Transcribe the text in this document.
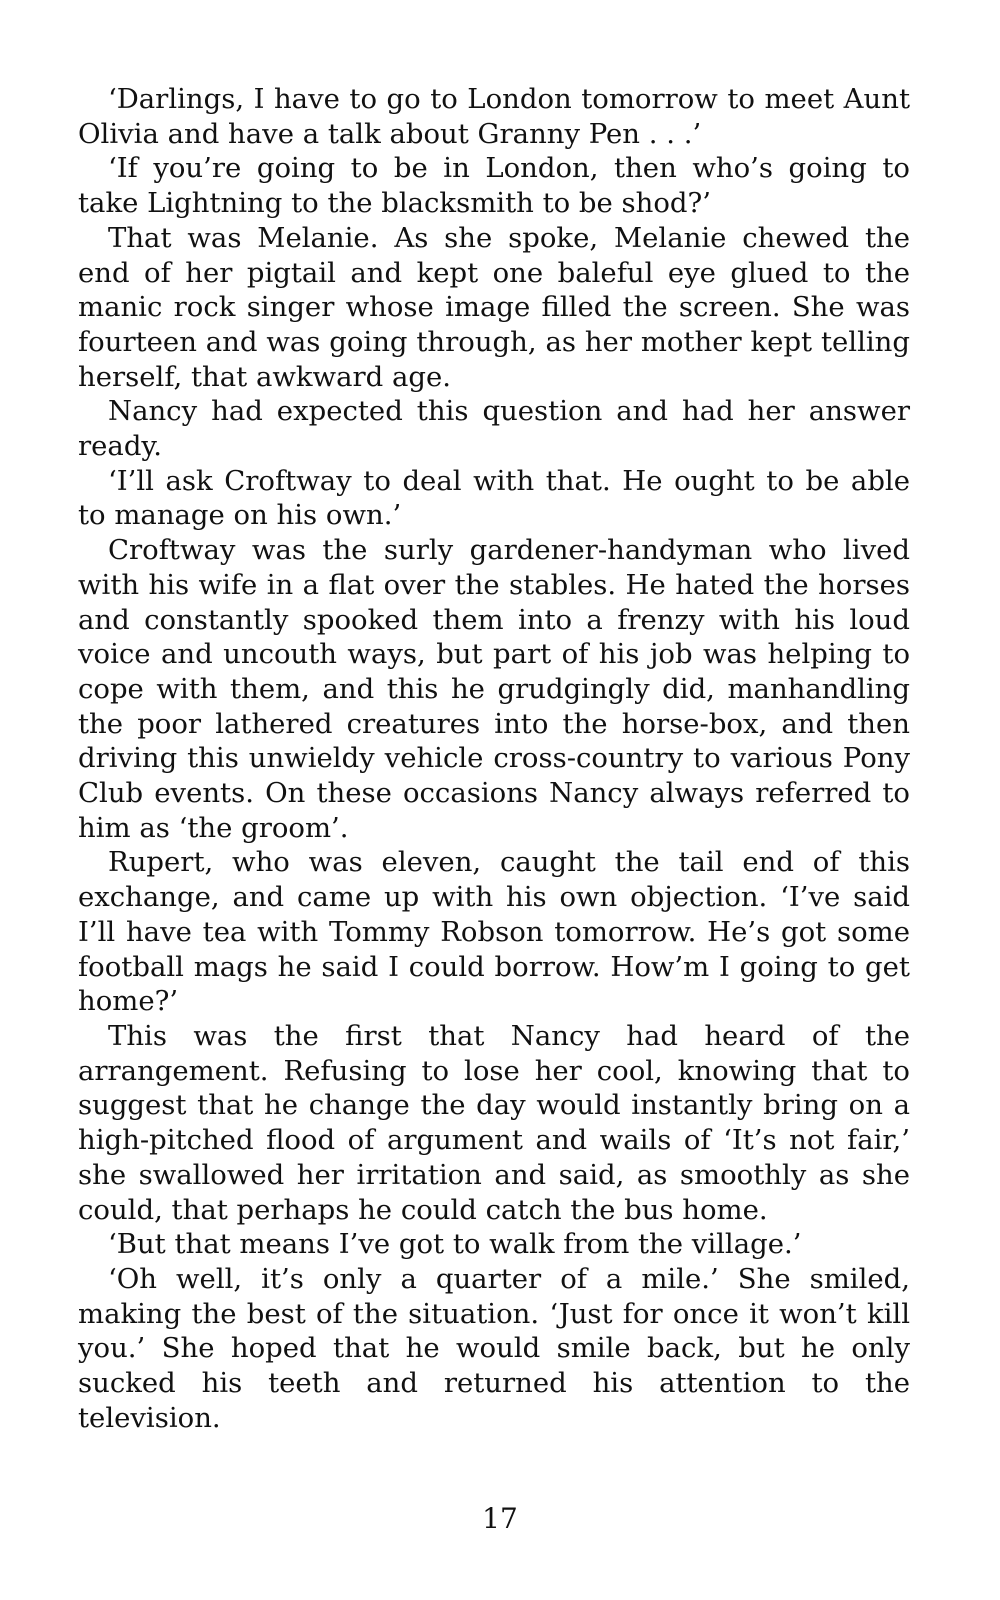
‘Darlings, I have to go to London tomorrow to meet Aunt Olivia and have a talk about Granny Pen . . .’

‘If you’re going to be in London, then who’s going to take Lightning to the blacksmith to be shod?’

That was Melanie. As she spoke, Melanie chewed the end of her pigtail and kept one baleful eye glued to the manic rock singer whose image filled the screen. She was fourteen and was going through, as her mother kept telling herself, that awkward age.

Nancy had expected this question and had her answer ready.

‘I’ll ask Croftway to deal with that. He ought to be able to manage on his own.’

Croftway was the surly gardener-handyman who lived with his wife in a flat over the stables. He hated the horses and constantly spooked them into a frenzy with his loud voice and uncouth ways, but part of his job was helping to cope with them, and this he grudgingly did, manhandling the poor lathered creatures into the horse-box, and then driving this unwieldy vehicle cross-country to various Pony Club events. On these occasions Nancy always referred to him as ‘the groom’.

Rupert, who was eleven, caught the tail end of this exchange, and came up with his own objection. ‘I’ve said I’ll have tea with Tommy Robson tomorrow. He’s got some football mags he said I could borrow. How’m I going to get home?’

This was the first that Nancy had heard of the arrangement. Refusing to lose her cool, knowing that to suggest that he change the day would instantly bring on a high-pitched flood of argument and wails of ‘It’s not fair,’ she swallowed her irritation and said, as smoothly as she could, that perhaps he could catch the bus home.

‘But that means I’ve got to walk from the village.’

‘Oh well, it’s only a quarter of a mile.’ She smiled, making the best of the situation. ‘Just for once it won’t kill you.’ She hoped that he would smile back, but he only sucked his teeth and returned his attention to the television.

17
